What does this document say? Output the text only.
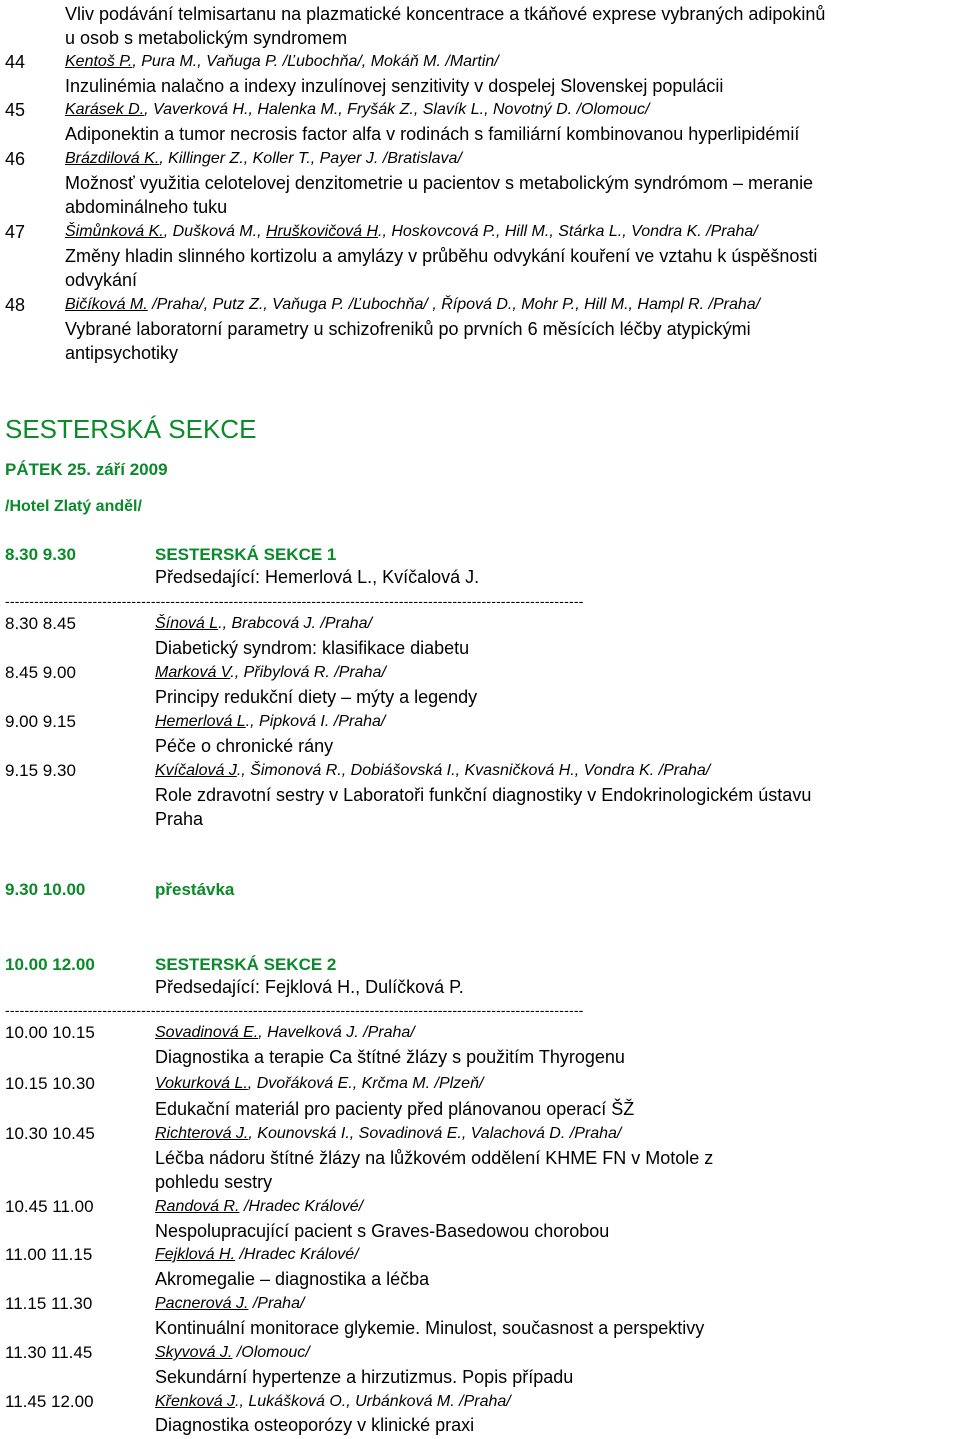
Vliv podávání telmisartanu na plazmatické koncentrace a tkáňové exprese vybraných adipokinů
u osob s metabolickým syndromem
44 Kentoš P., Pura M., Vaňuga P. /Ľubochňa/, Mokáň M. /Martin/
Inzulinémia nalačno a indexy inzulínovej senzitivity v dospelej Slovenskej populácii
45 Karásek D., Vaverková H., Halenka M., Fryšák Z., Slavík L., Novotný D. /Olomouc/
Adiponektin a tumor necrosis factor alfa v rodinách s familiární kombinovanou hyperlipidémií
46 Brázdilová K., Killinger Z., Koller T., Payer J. /Bratislava/
Možnosť využitia celotelovej denzitometrie u pacientov s metabolickým syndrómom – meranie
abdominálneho tuku
47 Šimůnková K., Dušková M., Hruškovičová H., Hoskovcová P., Hill M., Stárka L., Vondra K. /Praha/
Změny hladin slinného kortizolu a amylázy v průběhu odvykání kouření ve vztahu k úspěšnosti
odvykání
48 Bičíková M. /Praha/, Putz Z., Vaňuga P. /Ľubochňa/ , Řípová D., Mohr P., Hill M., Hampl R. /Praha/
Vybrané laboratorní parametry u schizofreniků po prvních 6 měsících léčby atypickými
antipsychotiky
SESTERSKÁ SEKCE
PÁTEK 25. září 2009
/Hotel Zlatý anděl/
8.30 9.30	SESTERSKÁ SEKCE 1
Předsedající: Hemerlová L., Kvíčalová J.
-----------------------------------------------------------------------------------------------------------------------
8.30 8.45	Šínová L., Brabcová J. /Praha/
Diabetický syndrom: klasifikace diabetu
8.45 9.00	Marková V., Přibylová R. /Praha/
Principy redukční diety – mýty a legendy
9.00 9.15	Hemerlová L., Pipková I. /Praha/
Péče o chronické rány
9.15 9.30	Kvíčalová J., Šimonová R., Dobiášovská I., Kvasničková H., Vondra K. /Praha/
Role zdravotní sestry v Laboratoři funkční diagnostiky v Endokrinologickém ústavu
Praha
9.30 10.00	přestávka
10.00 12.00	SESTERSKÁ SEKCE 2
Předsedající: Fejklová H., Dulíčková P.
-----------------------------------------------------------------------------------------------------------------------
10.00 10.15	Sovadinová E., Havelková J. /Praha/
Diagnostika a terapie Ca štítné žlázy s použitím Thyrogenu
10.15 10.30	Vokurková L., Dvořáková E., Krčma M. /Plzeň/
Edukační materiál pro pacienty před plánovanou operací ŠŽ
10.30 10.45	Richterová J., Kounovská I., Sovadinová E., Valachová D. /Praha/
Léčba nádoru štítné žlázy na lůžkovém oddělení KHME FN v Motole z
pohledu sestry
10.45 11.00	Randová R. /Hradec Králové/
Nespolupracující pacient s Graves-Basedowou chorobou
11.00 11.15	Fejklová H. /Hradec Králové/
Akromegalie – diagnostika a léčba
11.15 11.30	Pacnerová J. /Praha/
Kontinuální monitorace glykemie. Minulost, současnost a perspektivy
11.30 11.45	Skyvová J. /Olomouc/
Sekundární hypertenze a hirzutizmus. Popis případu
11.45 12.00	Křenková J., Lukášková O., Urbánková M. /Praha/
Diagnostika osteoporózy v klinické praxi
